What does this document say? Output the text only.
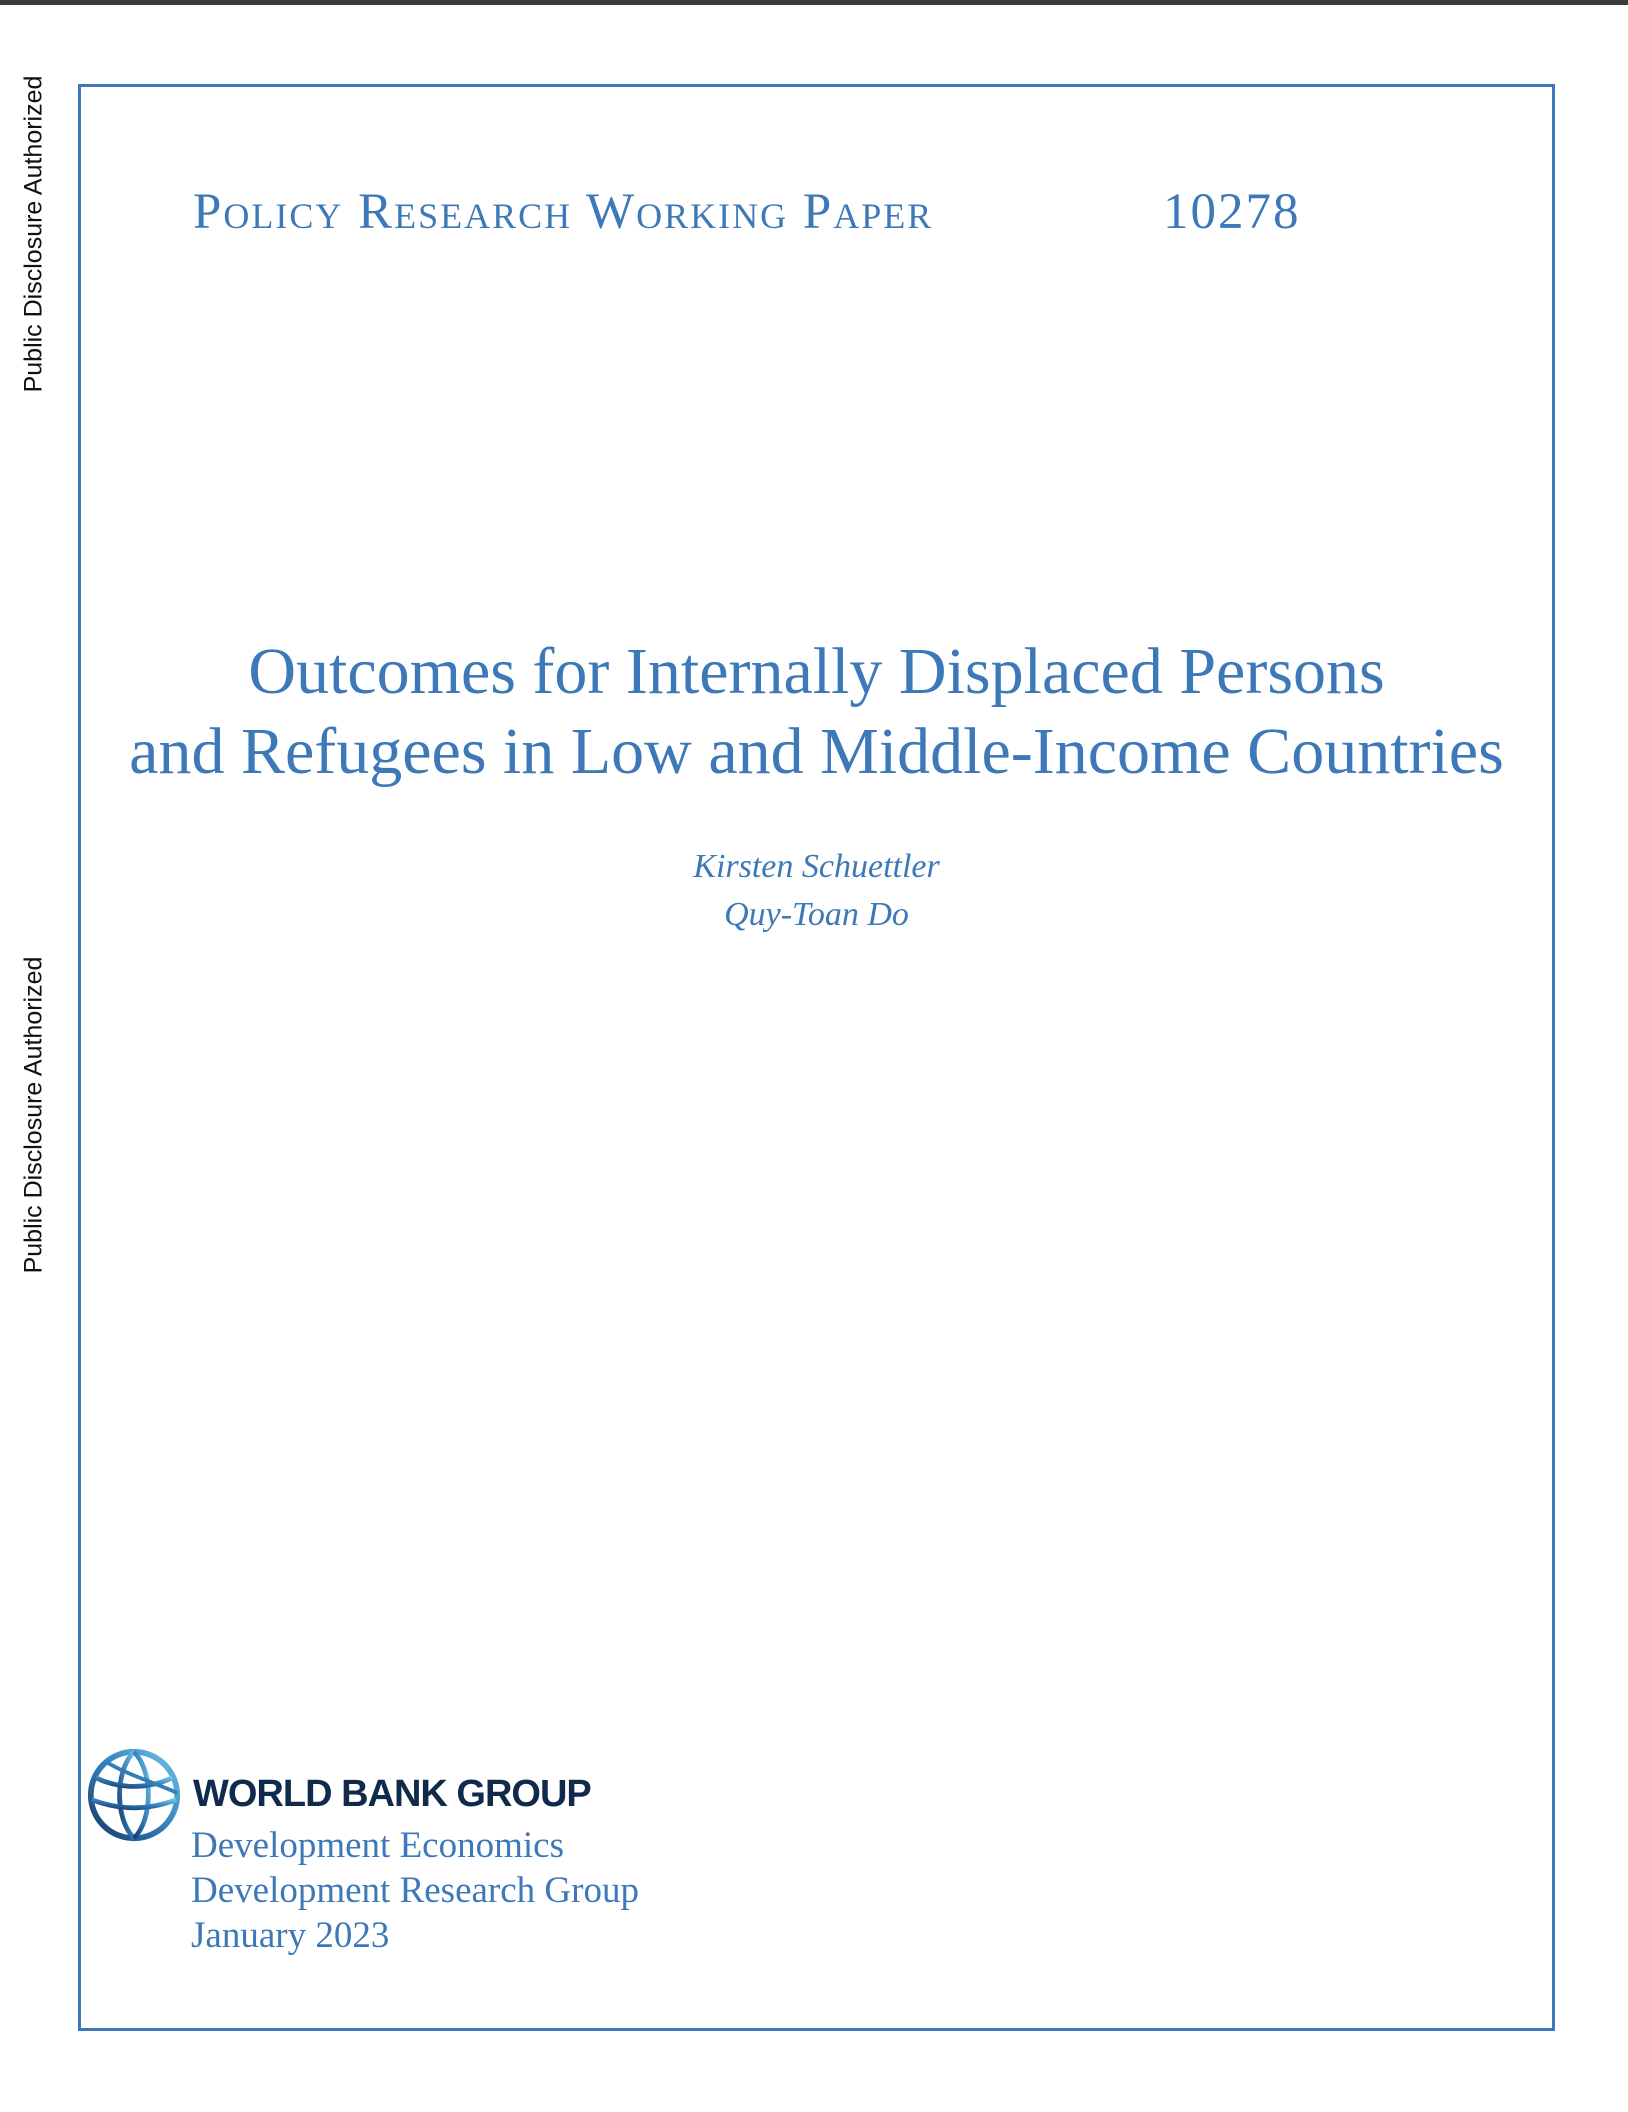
Public Disclosure Authorized
Public Disclosure Authorized
Policy Research Working Paper	10278
Outcomes for Internally Displaced Persons
and Refugees in Low and Middle-Income Countries
Kirsten Schuettler
Quy-Toan Do
WORLD BANK GROUP
Development Economics
Development Research Group
January 2023
